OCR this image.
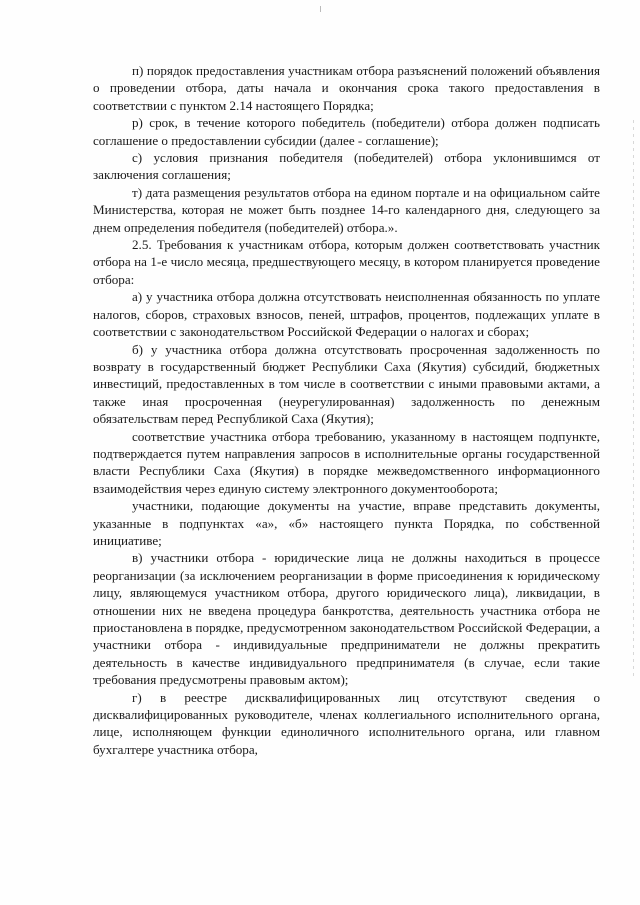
п) порядок предоставления участникам отбора разъяснений положений объявления о проведении отбора, даты начала и окончания срока такого предоставления в соответствии с пунктом 2.14 настоящего Порядка;

р) срок, в течение которого победитель (победители) отбора должен подписать соглашение о предоставлении субсидии (далее - соглашение);

с) условия признания победителя (победителей) отбора уклонившимся от заключения соглашения;

т) дата размещения результатов отбора на едином портале и на официальном сайте Министерства, которая не может быть позднее 14-го календарного дня, следующего за днем определения победителя (победителей) отбора.».

2.5. Требования к участникам отбора, которым должен соответствовать участник отбора на 1-е число месяца, предшествующего месяцу, в котором планируется проведение отбора:

а) у участника отбора должна отсутствовать неисполненная обязанность по уплате налогов, сборов, страховых взносов, пеней, штрафов, процентов, подлежащих уплате в соответствии с законодательством Российской Федерации о налогах и сборах;

б) у участника отбора должна отсутствовать просроченная задолженность по возврату в государственный бюджет Республики Саха (Якутия) субсидий, бюджетных инвестиций, предоставленных в том числе в соответствии с иными правовыми актами, а также иная просроченная (неурегулированная) задолженность по денежным обязательствам перед Республикой Саха (Якутия);

соответствие участника отбора требованию, указанному в настоящем подпункте, подтверждается путем направления запросов в исполнительные органы государственной власти Республики Саха (Якутия) в порядке межведомственного информационного взаимодействия через единую систему электронного документооборота;

участники, подающие документы на участие, вправе представить документы, указанные в подпунктах «а», «б» настоящего пункта Порядка, по собственной инициативе;

в) участники отбора - юридические лица не должны находиться в процессе реорганизации (за исключением реорганизации в форме присоединения к юридическому лицу, являющемуся участником отбора, другого юридического лица), ликвидации, в отношении них не введена процедура банкротства, деятельность участника отбора не приостановлена в порядке, предусмотренном законодательством Российской Федерации, а участники отбора - индивидуальные предприниматели не должны прекратить деятельность в качестве индивидуального предпринимателя (в случае, если такие требования предусмотрены правовым актом);

г) в реестре дисквалифицированных лиц отсутствуют сведения о дисквалифицированных руководителе, членах коллегиального исполнительного органа, лице, исполняющем функции единоличного исполнительного органа, или главном бухгалтере участника отбора,
